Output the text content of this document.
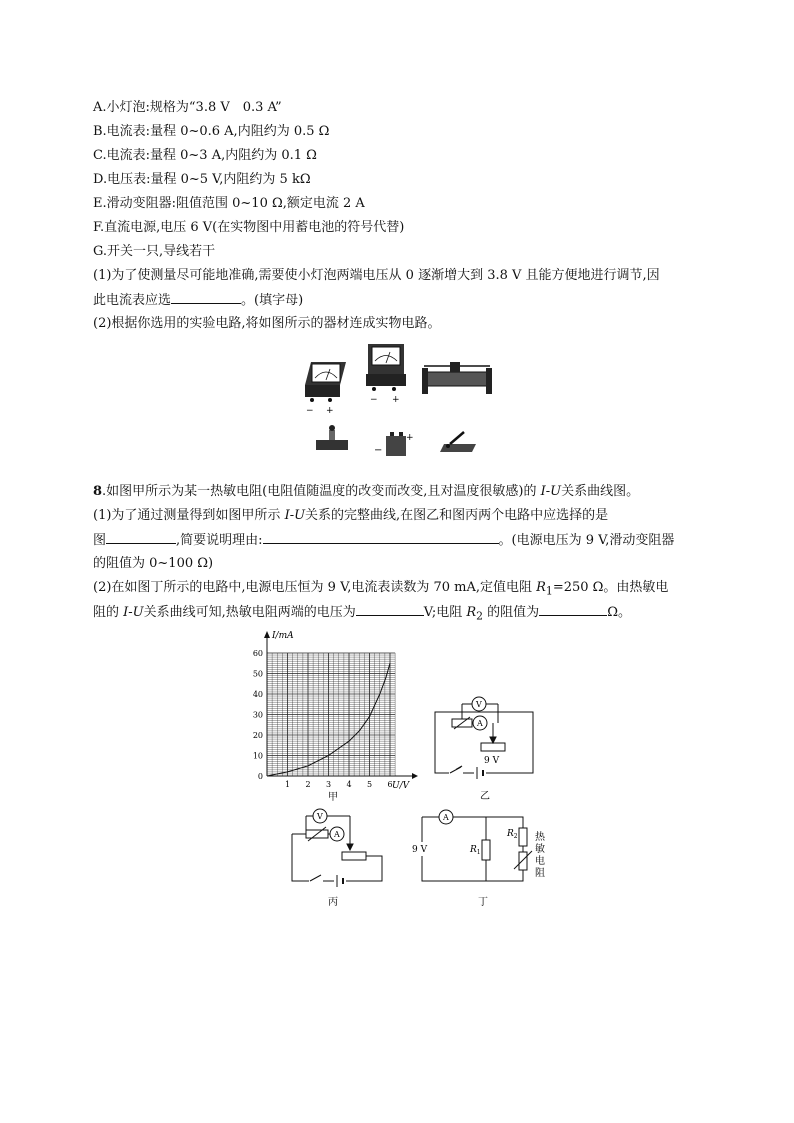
A.小灯泡:规格为“3.8 V　0.3 A”
B.电流表:量程 0~0.6 A,内阻约为 0.5 Ω
C.电流表:量程 0~3 A,内阻约为 0.1 Ω
D.电压表:量程 0~5 V,内阻约为 5 kΩ
E.滑动变阻器:阻值范围 0~10 Ω,额定电流 2 A
F.直流电源,电压 6 V(在实物图中用蓄电池的符号代替)
G.开关一只,导线若干
(1)为了使测量尽可能地准确,需要使小灯泡两端电压从 0 逐渐增大到 3.8 V 且能方便地进行调节,因
此电流表应选	。(填字母)
(2)根据你选用的实验电路,将如图所示的器材连成实物电路。
− +
− +
−
+
8.如图甲所示为某一热敏电阻(电阻值随温度的改变而改变,且对温度很敏感)的 I-U关系曲线图。
(1)为了通过测量得到如图甲所示 I-U关系的完整曲线,在图乙和图丙两个电路中应选择的是
图	,简要说明理由:	。(电源电压为 9 V,滑动变阻器
的阻值为 0~100 Ω)
(2)在如图丁所示的电路中,电源电压恒为 9 V,电流表读数为 70 mA,定值电阻 $R_1=250$ Ω。由热敏电
阻的 I-U关系曲线可知,热敏电阻两端的电压为	V;电阻 $R_2$ 的阻值为	Ω。
I/mA
U/V
0
10
20
30
40
50
60
1 2 3 4 5 6
甲
V
A
9 V
乙
V
A
丙
A
9 V	$R_1$
$R_2$ 热
敏
电
阻
丁
